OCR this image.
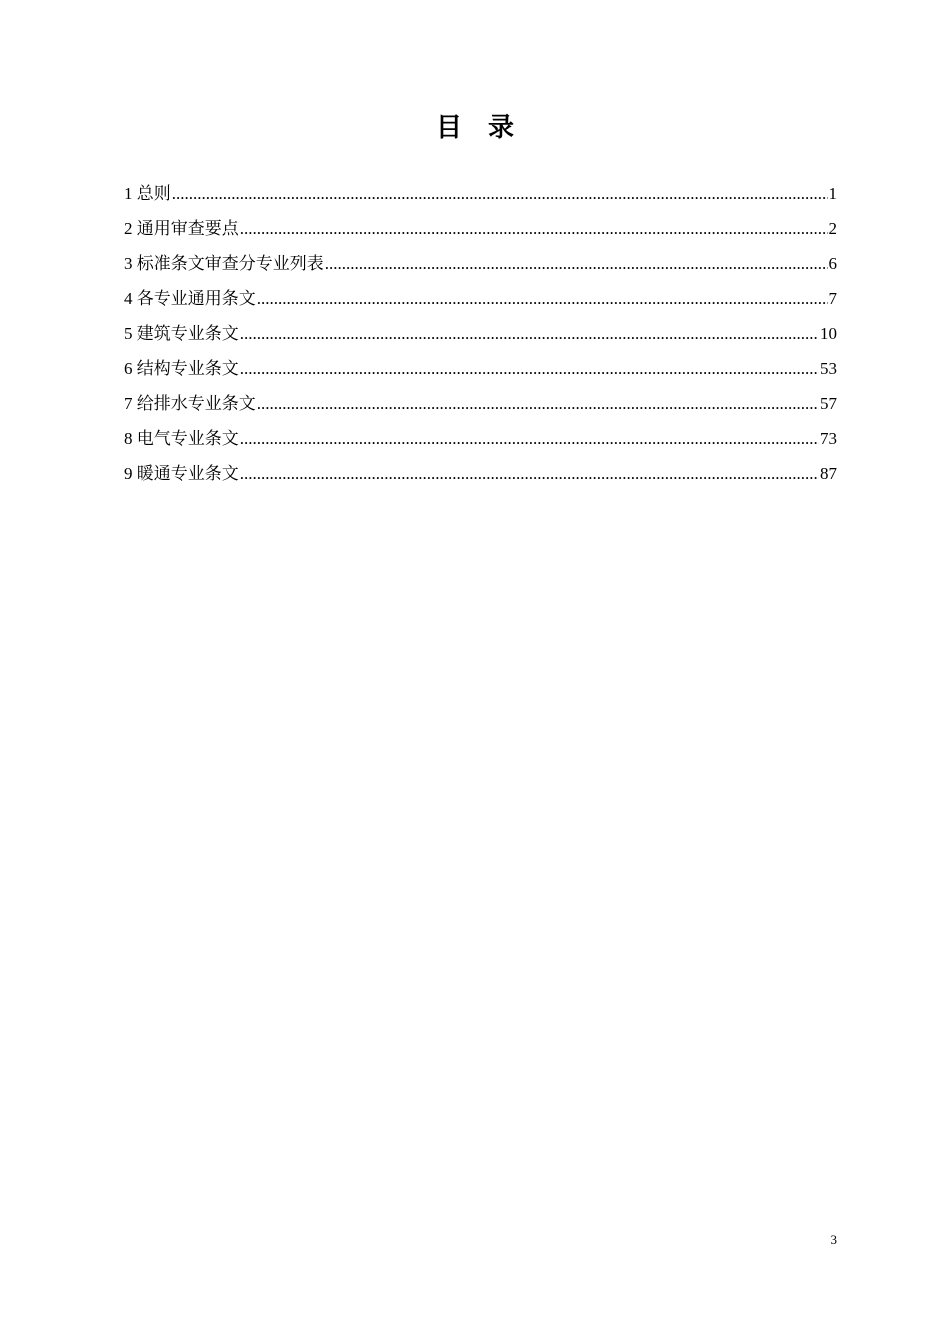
目录
1 总则 .....	1
2 通用审查要点 .....	2
3 标准条文审查分专业列表 .....	6
4 各专业通用条文 .....	7
5 建筑专业条文 .....	10
6 结构专业条文 .....	53
7 给排水专业条文 .....	57
8 电气专业条文 .....	73
9 暖通专业条文 .....	87
3
